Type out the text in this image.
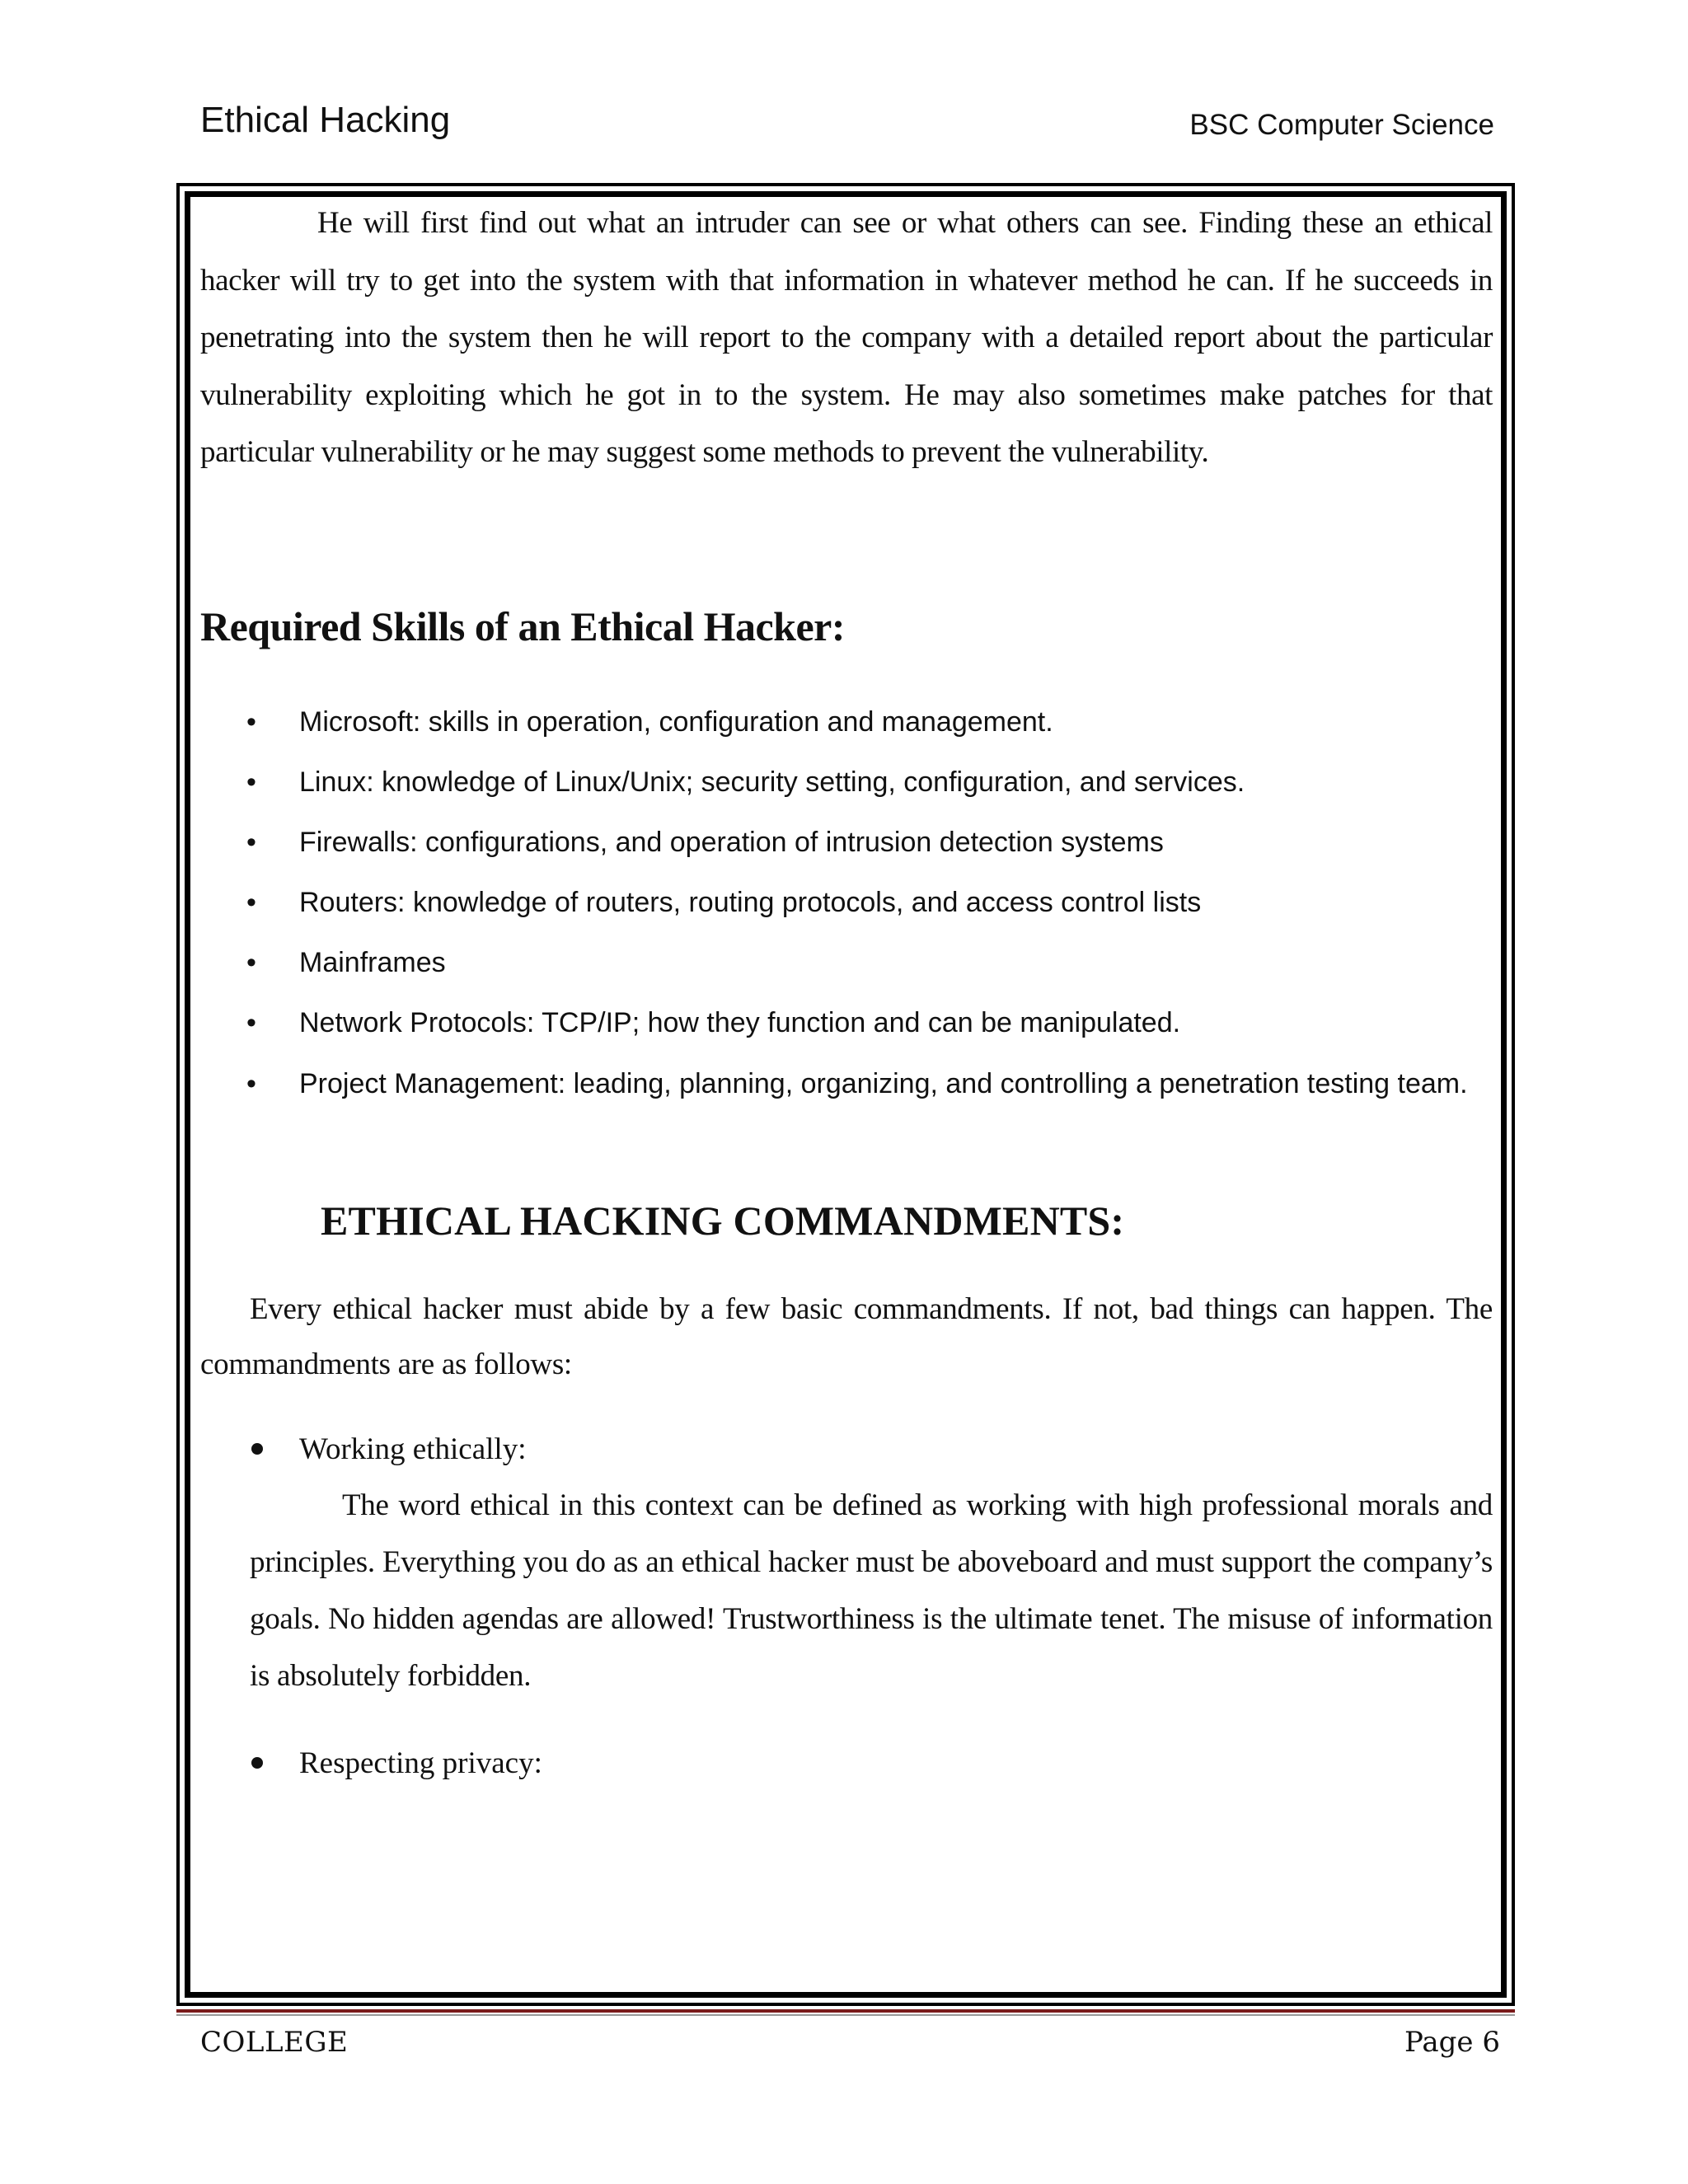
Ethical Hacking	BSC Computer Science

He will first find out what an intruder can see or what others can see. Finding these an ethical hacker will try to get into the system with that information in whatever method he can. If he succeeds in penetrating into the system then he will report to the company with a detailed report about the particular vulnerability exploiting which he got in to the system. He may also sometimes make patches for that particular vulnerability or he may suggest some methods to prevent the vulnerability.

Required Skills of an Ethical Hacker:
• Microsoft: skills in operation, configuration and management.
• Linux: knowledge of Linux/Unix; security setting, configuration, and services.
• Firewalls: configurations, and operation of intrusion detection systems
• Routers: knowledge of routers, routing protocols, and access control lists
• Mainframes
• Network Protocols: TCP/IP; how they function and can be manipulated.
• Project Management: leading, planning, organizing, and controlling a penetration testing team.
ETHICAL HACKING COMMANDMENTS:

Every ethical hacker must abide by a few basic commandments. If not, bad things can happen. The commandments are as follows:

Working ethically:

The word ethical in this context can be defined as working with high professional morals and principles. Everything you do as an ethical hacker must be aboveboard and must support the company’s goals. No hidden agendas are allowed! Trustworthiness is the ultimate tenet. The misuse of information is absolutely forbidden.

Respecting privacy:
COLLEGE	Page 6
